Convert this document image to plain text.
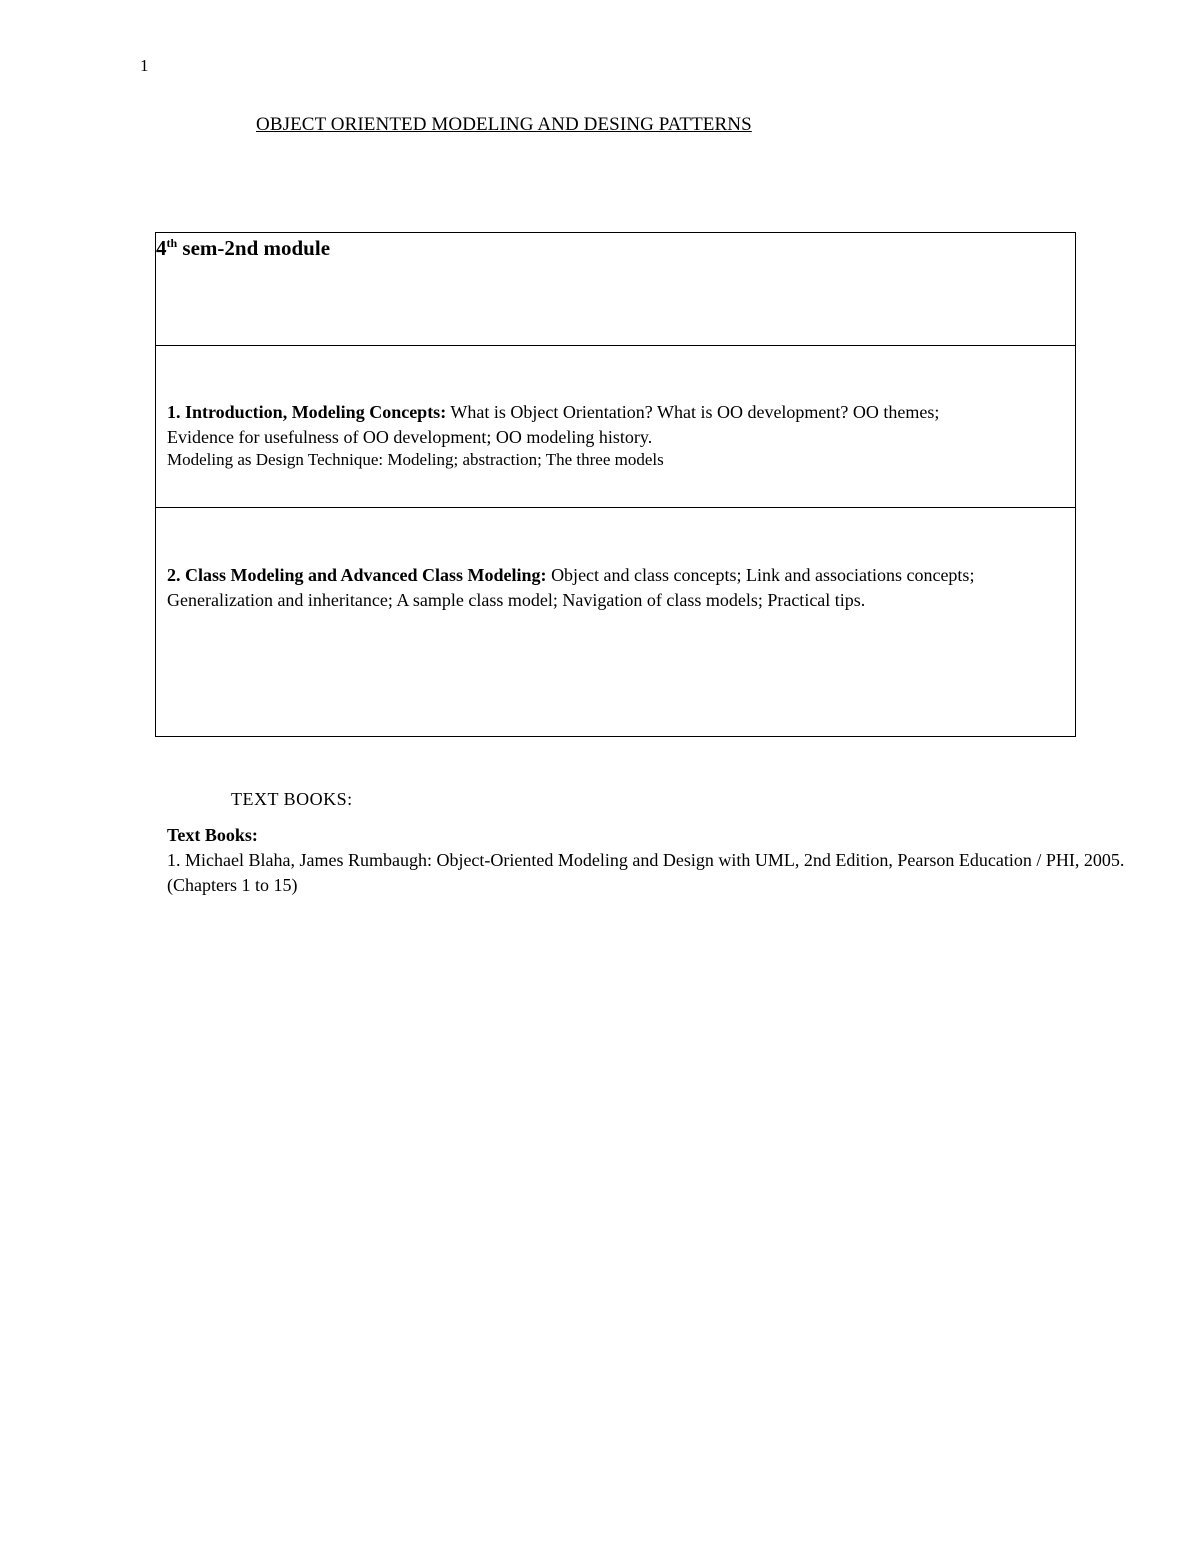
1
OBJECT ORIENTED MODELING AND DESING PATTERNS
4th sem-2nd module

1. Introduction, Modeling Concepts: What is Object Orientation? What is OO development? OO themes;
Evidence for usefulness of OO development; OO modeling history.
Modeling as Design Technique: Modeling; abstraction; The three models

2. Class Modeling and Advanced Class Modeling: Object and class concepts; Link and associations concepts; Generalization and inheritance; A sample class model; Navigation of class models; Practical tips.
TEXT BOOKS:
Text Books:
1. Michael Blaha, James Rumbaugh: Object-Oriented Modeling and Design with UML, 2nd Edition, Pearson Education / PHI, 2005. (Chapters 1 to 15)
